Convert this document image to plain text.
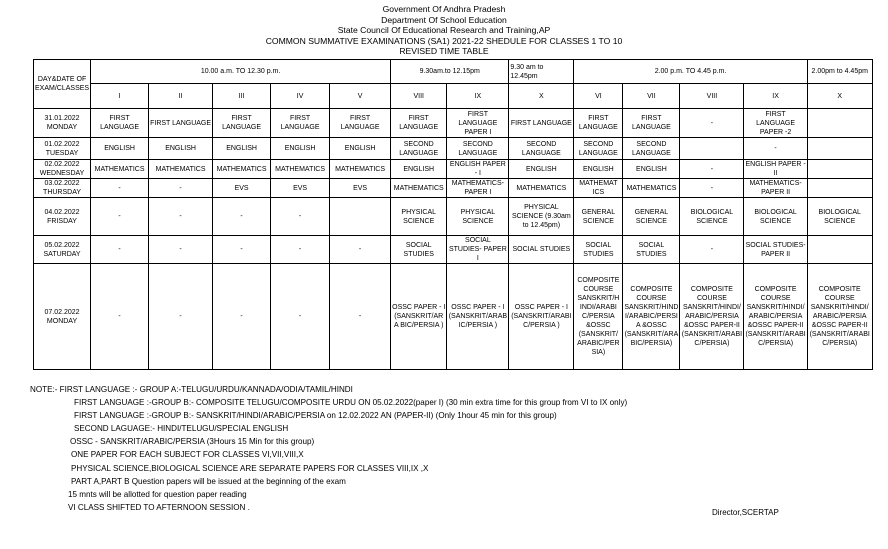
Government Of Andhra Pradesh
Department Of School Education
State Council Of Educational Research and Training,AP
COMMON SUMMATIVE EXAMINATIONS (SA1) 2021-22 SHEDULE FOR CLASSES 1 TO 10
REVISED TIME TABLE
DAY&DATE OF EXAM/CLASSES	10.00 a.m. TO 12.30 p.m.					9.30am.to 12.15pm		9.30 am to 12.45pm	2.00 p.m. TO 4.45 p.m.				2.00pm to 4.45pm
	I	II	III	IV	V	VIII	IX	X	VI	VII	VIII	IX	X
31.01.2022 MONDAY	FIRST LANGUAGE	FIRST LANGUAGE	FIRST LANGUAGE	FIRST LANGUAGE	FIRST LANGUAGE	FIRST LANGUAGE	FIRST LANGUAGE PAPER I	FIRST LANGUAGE	FIRST LANGUAGE	FIRST LANGUAGE	-	FIRST LANGUAGE PAPER -2	
01.02.2022 TUESDAY	ENGLISH	ENGLISH	ENGLISH	ENGLISH	ENGLISH	SECOND LANGUAGE	SECOND LANGUAGE	SECOND LANGUAGE	SECOND LANGUAGE	SECOND LANGUAGE		-	
02.02.2022 WEDNESDAY	MATHEMATICS	MATHEMATICS	MATHEMATICS	MATHEMATICS	MATHEMATICS	ENGLISH	ENGLISH PAPER - I	ENGLISH	ENGLISH	ENGLISH	-	ENGLISH PAPER - II	
03.02.2022 THURSDAY	-	-	EVS	EVS	EVS	MATHEMATICS	MATHEMATICS- PAPER I	MATHEMATICS	MATHEMAT ICS	MATHEMATICS	-	MATHEMATICS- PAPER II	
04.02.2022 FRISDAY	-	-	-	-		PHYSICAL SCIENCE	PHYSICAL SCIENCE	PHYSICAL SCIENCE (9.30am to 12.45pm)	GENERAL SCIENCE	GENERAL SCIENCE	BIOLOGICAL SCIENCE	BIOLOGICAL SCIENCE	BIOLOGICAL SCIENCE
05.02.2022 SATURDAY	-	-	-	-	-	SOCIAL STUDIES	SOCIAL STUDIES- PAPER I	SOCIAL STUDIES	SOCIAL STUDIES	SOCIAL STUDIES	-	SOCIAL STUDIES- PAPER II	
07.02.2022 MONDAY	-	-	-	-	-	OSSC PAPER - I (SANSKRIT/ARA BIC/PERSIA )	OSSC PAPER - I (SANSKRIT/ARAB IC/PERSIA )	OSSC PAPER - I (SANSKRIT/ARABI C/PERSIA )	COMPOSITE COURSE SANSKRIT/H INDI/ARABI C/PERSIA &OSSC (SANSKRIT/ ARABIC/PER SIA)	COMPOSITE COURSE SANSKRIT/HIND I/ARABIC/PERSI A &OSSC (SANSKRIT/ARA BIC/PERSIA)	COMPOSITE COURSE SANSKRIT/HINDI/ ARABIC/PERSIA &OSSC PAPER-II (SANSKRIT/ARABI C/PERSIA)	COMPOSITE COURSE SANSKRIT/HINDI/ ARABIC/PERSIA &OSSC PAPER-II (SANSKRIT/ARABI C/PERSIA)	COMPOSITE COURSE SANSKRIT/HINDI/ ARABIC/PERSIA &OSSC PAPER-II (SANSKRIT/ARABI C/PERSIA)
NOTE:- FIRST LANGUAGE :- GROUP A:-TELUGU/URDU/KANNADA/ODIA/TAMIL/HINDI
FIRST LANGUAGE :-GROUP B:- COMPOSITE TELUGU/COMPOSITE URDU ON 05.02.2022(paper I) (30 min extra time for this group from VI to IX only)
FIRST LANGUAGE :-GROUP B:- SANSKRIT/HINDI/ARABIC/PERSIA on 12.02.2022 AN (PAPER-II) (Only 1hour 45 min for this group)
SECOND LAGUAGE:- HINDI/TELUGU/SPECIAL ENGLISH
OSSC - SANSKRIT/ARABIC/PERSIA (3Hours 15 Min for this group)
ONE PAPER FOR EACH SUBJECT FOR CLASSES VI,VII,VIII,X
PHYSICAL SCIENCE,BIOLOGICAL SCIENCE ARE SEPARATE PAPERS FOR CLASSES VIII,IX ,X
PART A,PART B Question papers will be issued at the beginning of the exam
15 mnts will be allotted for question paper reading
VI CLASS SHIFTED TO AFTERNOON SESSION .
Director,SCERTAP
